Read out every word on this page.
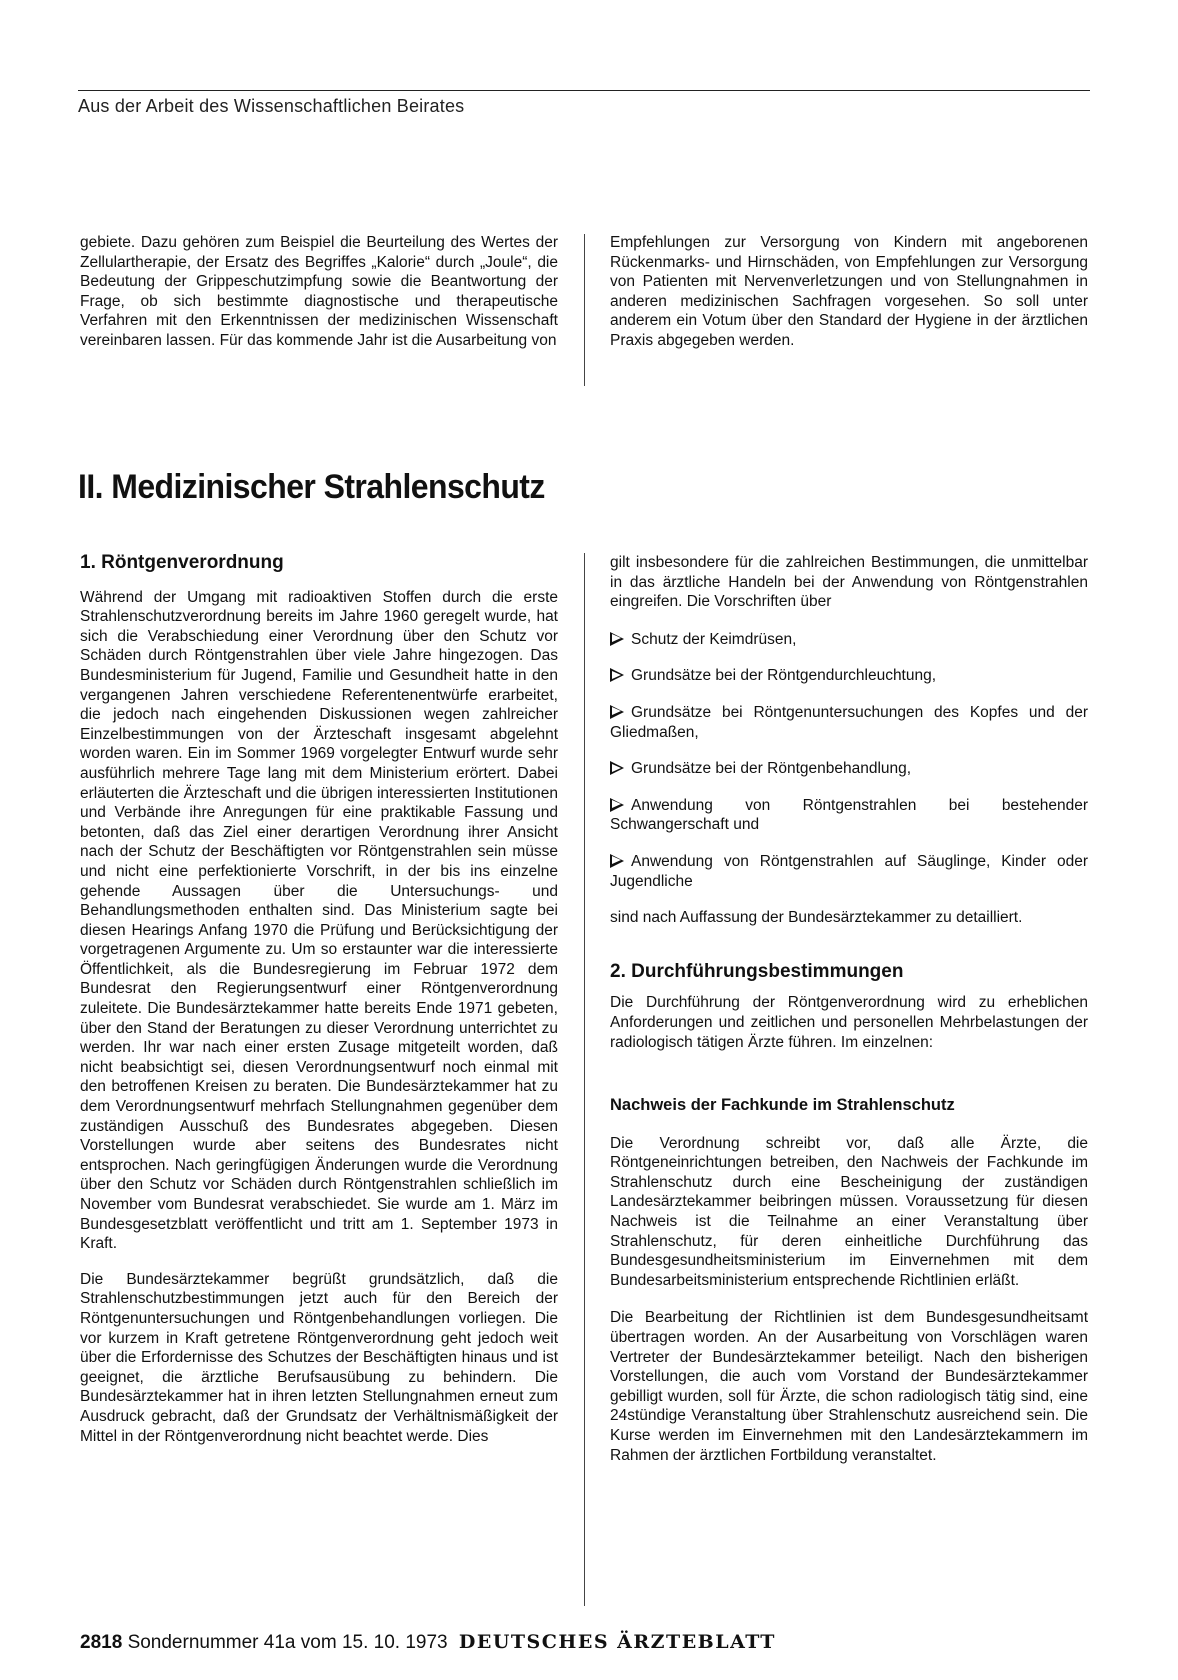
Aus der Arbeit des Wissenschaftlichen Beirates

gebiete. Dazu gehören zum Beispiel die Beurteilung des Wertes der Zellulartherapie, der Ersatz des Begriffes „Kalorie“ durch „Joule“, die Bedeutung der Grippeschutzimpfung sowie die Beantwortung der Frage, ob sich bestimmte diagnostische und therapeutische Verfahren mit den Erkenntnissen der medizinischen Wissenschaft vereinbaren lassen. Für das kommende Jahr ist die Ausarbeitung von

Empfehlungen zur Versorgung von Kindern mit angeborenen Rückenmarks- und Hirnschäden, von Empfehlungen zur Versorgung von Patienten mit Nervenverletzungen und von Stellungnahmen in anderen medizinischen Sachfragen vorgesehen. So soll unter anderem ein Votum über den Standard der Hygiene in der ärztlichen Praxis abgegeben werden.

II. Medizinischer Strahlenschutz
1. Röntgenverordnung

Während der Umgang mit radioaktiven Stoffen durch die erste Strahlenschutzverordnung bereits im Jahre 1960 geregelt wurde, hat sich die Verabschiedung einer Verordnung über den Schutz vor Schäden durch Röntgenstrahlen über viele Jahre hingezogen. Das Bundesministerium für Jugend, Familie und Gesundheit hatte in den vergangenen Jahren verschiedene Referentenentwürfe erarbeitet, die jedoch nach eingehenden Diskussionen wegen zahlreicher Einzelbestimmungen von der Ärzteschaft insgesamt abgelehnt worden waren. Ein im Sommer 1969 vorgelegter Entwurf wurde sehr ausführlich mehrere Tage lang mit dem Ministerium erörtert. Dabei erläuterten die Ärzteschaft und die übrigen interessierten Institutionen und Verbände ihre Anregungen für eine praktikable Fassung und betonten, daß das Ziel einer derartigen Verordnung ihrer Ansicht nach der Schutz der Beschäftigten vor Röntgenstrahlen sein müsse und nicht eine perfektionierte Vorschrift, in der bis ins einzelne gehende Aussagen über die Untersuchungs- und Behandlungsmethoden enthalten sind. Das Ministerium sagte bei diesen Hearings Anfang 1970 die Prüfung und Berücksichtigung der vorgetragenen Argumente zu. Um so erstaunter war die interessierte Öffentlichkeit, als die Bundesregierung im Februar 1972 dem Bundesrat den Regierungsentwurf einer Röntgenverordnung zuleitete. Die Bundesärztekammer hatte bereits Ende 1971 gebeten, über den Stand der Beratungen zu dieser Verordnung unterrichtet zu werden. Ihr war nach einer ersten Zusage mitgeteilt worden, daß nicht beabsichtigt sei, diesen Verordnungsentwurf noch einmal mit den betroffenen Kreisen zu beraten. Die Bundesärztekammer hat zu dem Verordnungsentwurf mehrfach Stellungnahmen gegenüber dem zuständigen Ausschuß des Bundesrates abgegeben. Diesen Vorstellungen wurde aber seitens des Bundesrates nicht entsprochen. Nach geringfügigen Änderungen wurde die Verordnung über den Schutz vor Schäden durch Röntgenstrahlen schließlich im November vom Bundesrat verabschiedet. Sie wurde am 1. März im Bundesgesetzblatt veröffentlicht und tritt am 1. September 1973 in Kraft.

Die Bundesärztekammer begrüßt grundsätzlich, daß die Strahlenschutzbestimmungen jetzt auch für den Bereich der Röntgenuntersuchungen und Röntgenbehandlungen vorliegen. Die vor kurzem in Kraft getretene Röntgenverordnung geht jedoch weit über die Erfordernisse des Schutzes der Beschäftigten hinaus und ist geeignet, die ärztliche Berufsausübung zu behindern. Die Bundesärztekammer hat in ihren letzten Stellungnahmen erneut zum Ausdruck gebracht, daß der Grundsatz der Verhältnismäßigkeit der Mittel in der Röntgenverordnung nicht beachtet werde. Dies

gilt insbesondere für die zahlreichen Bestimmungen, die unmittelbar in das ärztliche Handeln bei der Anwendung von Röntgenstrahlen eingreifen. Die Vorschriften über

Schutz der Keimdrüsen,
Grundsätze bei der Röntgendurchleuchtung,
Grundsätze bei Röntgenuntersuchungen des Kopfes und der Gliedmaßen,
Grundsätze bei der Röntgenbehandlung,
Anwendung von Röntgenstrahlen bei bestehender Schwangerschaft und
Anwendung von Röntgenstrahlen auf Säuglinge, Kinder oder Jugendliche

sind nach Auffassung der Bundesärztekammer zu detailliert.

2. Durchführungsbestimmungen

Die Durchführung der Röntgenverordnung wird zu erheblichen Anforderungen und zeitlichen und personellen Mehrbelastungen der radiologisch tätigen Ärzte führen. Im einzelnen:

Nachweis der Fachkunde im Strahlenschutz

Die Verordnung schreibt vor, daß alle Ärzte, die Röntgeneinrichtungen betreiben, den Nachweis der Fachkunde im Strahlenschutz durch eine Bescheinigung der zuständigen Landesärztekammer beibringen müssen. Voraussetzung für diesen Nachweis ist die Teilnahme an einer Veranstaltung über Strahlenschutz, für deren einheitliche Durchführung das Bundesgesundheitsministerium im Einvernehmen mit dem Bundesarbeitsministerium entsprechende Richtlinien erläßt.

Die Bearbeitung der Richtlinien ist dem Bundesgesundheitsamt übertragen worden. An der Ausarbeitung von Vorschlägen waren Vertreter der Bundesärztekammer beteiligt. Nach den bisherigen Vorstellungen, die auch vom Vorstand der Bundesärztekammer gebilligt wurden, soll für Ärzte, die schon radiologisch tätig sind, eine 24stündige Veranstaltung über Strahlenschutz ausreichend sein. Die Kurse werden im Einvernehmen mit den Landesärztekammern im Rahmen der ärztlichen Fortbildung veranstaltet.

2818 Sondernummer 41a vom 15. 10. 1973 DEUTSCHES ÄRZTEBLATT
